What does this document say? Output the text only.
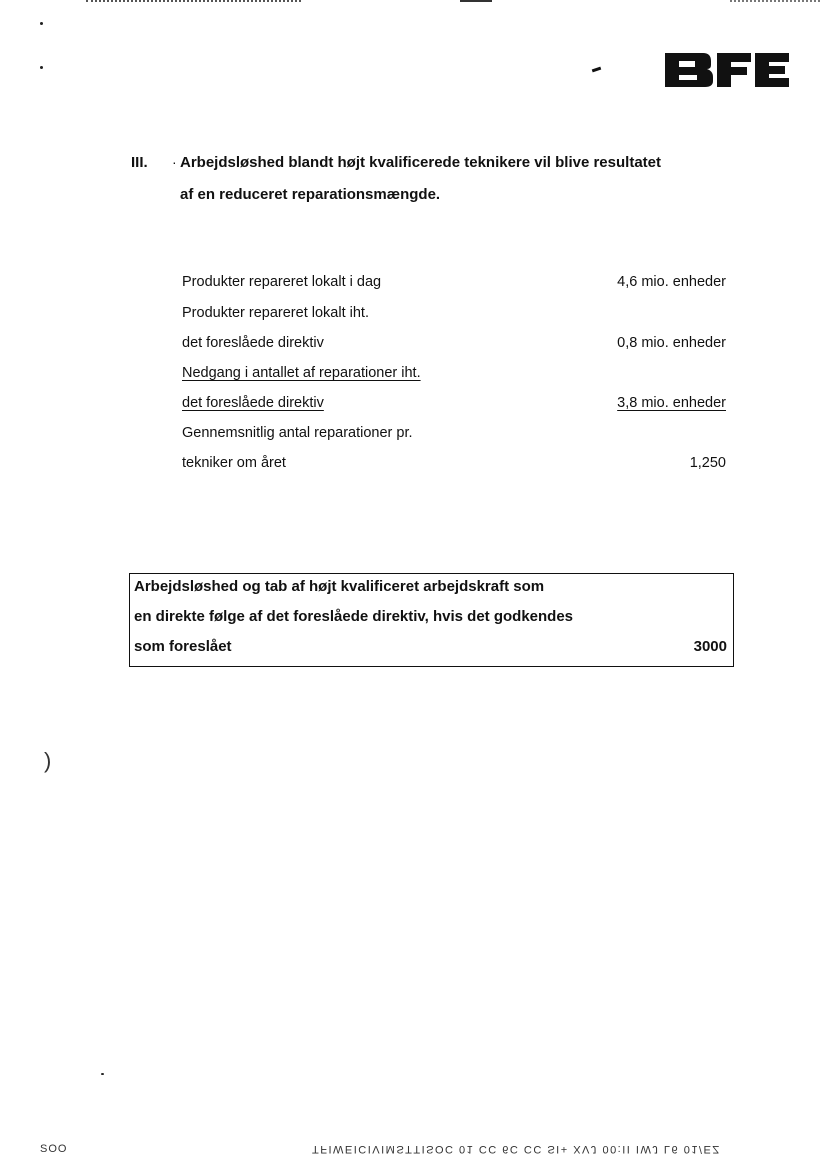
III. · Arbejdsløshed blandt højt kvalificerede teknikere vil blive resultatet
af en reduceret reparationsmængde.
Produkter repareret lokalt i dag	4,6 mio. enheder
Produkter repareret lokalt iht.
det foreslåede direktiv	0,8 mio. enheder
Nedgang i antallet af reparationer iht.
det foreslåede direktiv	3,8 mio. enheder
Gennemsnitlig antal reparationer pr.
tekniker om året	1,250
Arbejdsløshed og tab af højt kvalificeret arbejdskraft som
en direkte følge af det foreslåede direktiv, hvis det godkendes
som foreslået	3000
)
SOO	TFIWEICIVIMSTTISOC 01 CC 6C CC SI+ XVJ 00:II IWJ L6 01/EZ
